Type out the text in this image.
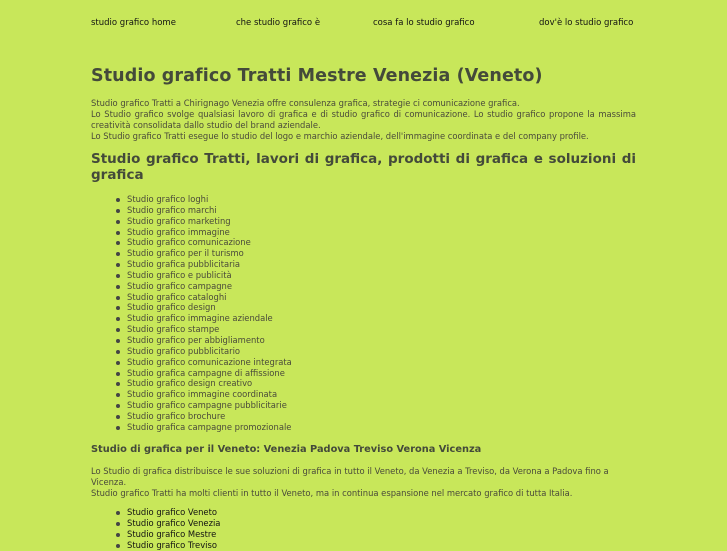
studio grafico home	che studio grafico è	cosa fa lo studio grafico	dov'è lo studio grafico
Studio grafico Tratti Mestre Venezia (Veneto)

Studio grafico Tratti a Chirignago Venezia offre consulenza grafica, strategie ci comunicazione grafica.

Lo Studio grafico svolge qualsiasi lavoro di grafica e di studio grafico di comunicazione. Lo studio grafico propone la massima creatività consolidata dallo studio del brand aziendale.

Lo Studio grafico Tratti esegue lo studio del logo e marchio aziendale, dell'immagine coordinata e del company profile.

Studio grafico Tratti, lavori di grafica, prodotti di grafica e soluzioni di grafica
Studio grafico loghi
Studio grafico marchi
Studio grafico marketing
Studio grafico immagine
Studio grafico comunicazione
Studio grafico per il turismo
Studio grafica pubblicitaria
Studio grafico e publicità
Studio grafico campagne
Studio grafico cataloghi
Studio grafico design
Studio grafico immagine aziendale
Studio grafico stampe
Studio grafico per abbigliamento
Studio grafico pubblicitario
Studio grafico comunicazione integrata
Studio grafica campagne di affissione
Studio grafico design creativo
Studio grafico immagine coordinata
Studio grafico campagne pubblicitarie
Studio grafico brochure
Studio grafica campagne promozionale
Studio di grafica per il Veneto: Venezia Padova Treviso Verona Vicenza

Lo Studio di grafica distribuisce le sue soluzioni di grafica in tutto il Veneto, da Venezia a Treviso, da Verona a Padova fino a Vicenza.

Studio grafico Tratti ha molti clienti in tutto il Veneto, ma in continua espansione nel mercato grafico di tutta Italia.

Studio grafico Veneto
Studio grafico Venezia
Studio grafico Mestre
Studio grafico Treviso
